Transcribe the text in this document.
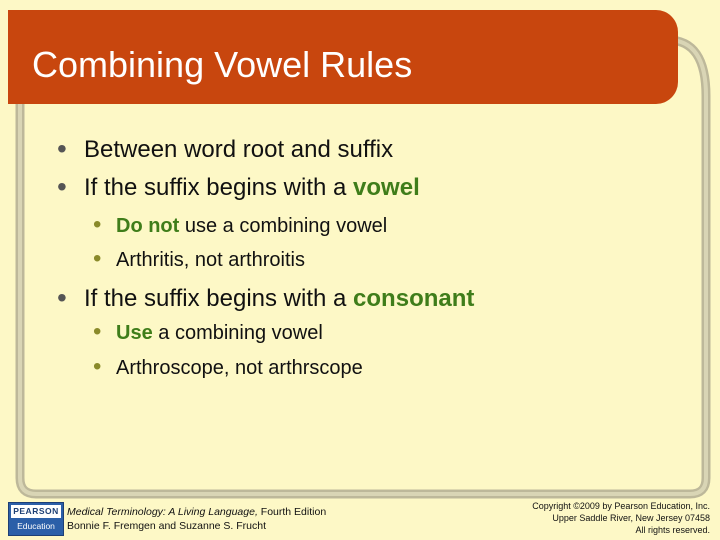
Combining Vowel Rules
• Between word root and suffix
• If the suffix begins with a vowel
• Do not use a combining vowel
• Arthritis, not arthroitis
• If the suffix begins with a consonant
• Use a combining vowel
• Arthroscope, not arthrscope
PEARSON
Education
Medical Terminology: A Living Language, Fourth Edition
Bonnie F. Fremgen and Suzanne S. Frucht
Copyright ©2009 by Pearson Education, Inc.
Upper Saddle River, New Jersey 07458
All rights reserved.
